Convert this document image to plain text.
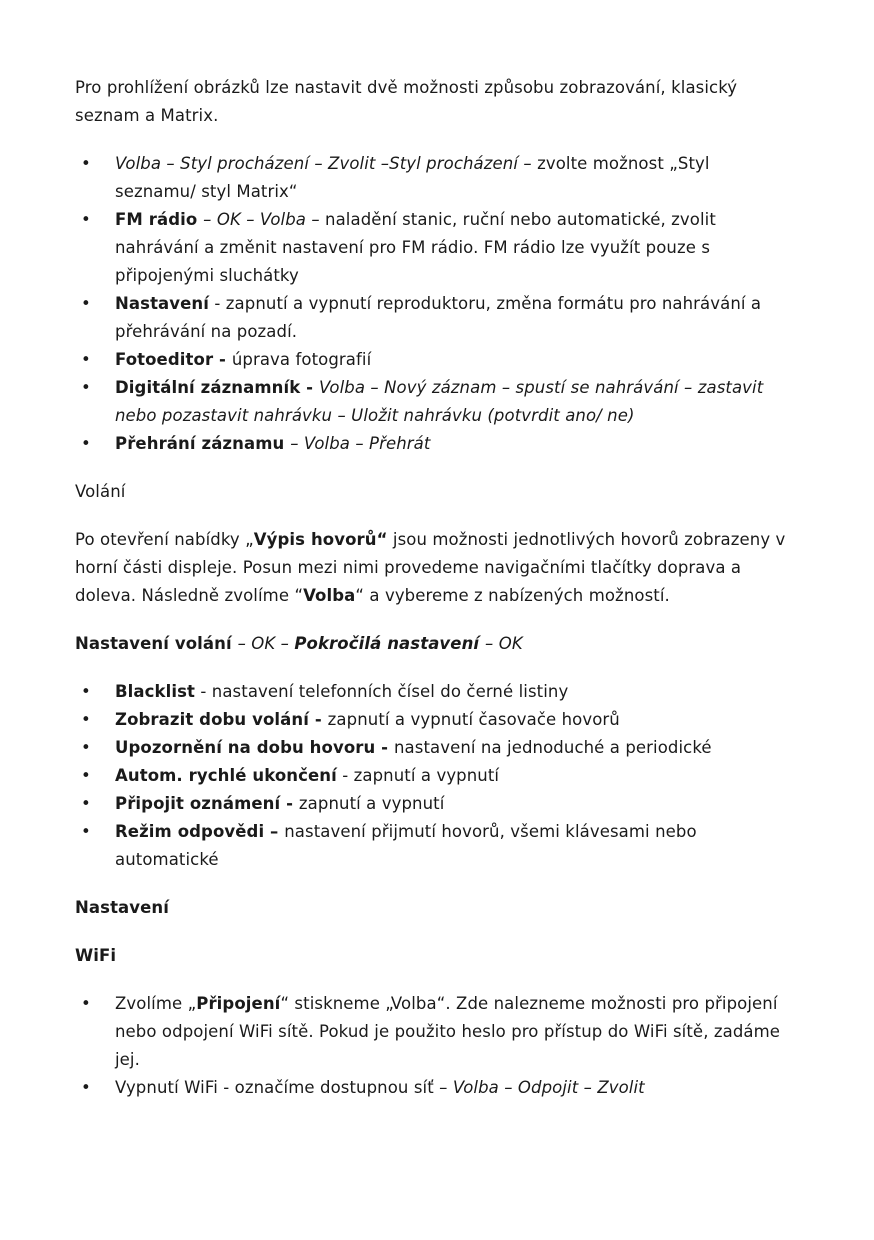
Pro prohlížení obrázků lze nastavit dvě možnosti způsobu zobrazování, klasický seznam a Matrix.

• Volba – Styl procházení – Zvolit –Styl procházení – zvolte možnost „Styl seznamu/ styl Matrix“
• FM rádio – OK – Volba – naladění stanic, ruční nebo automatické, zvolit nahrávání a změnit nastavení pro FM rádio. FM rádio lze využít pouze s připojenými sluchátky
• Nastavení - zapnutí a vypnutí reproduktoru, změna formátu pro nahrávání a přehrávání na pozadí.
• Fotoeditor - úprava fotografií
• Digitální záznamník - Volba – Nový záznam – spustí se nahrávání – zastavit nebo pozastavit nahrávku – Uložit nahrávku (potvrdit ano/ ne)
• Přehrání záznamu – Volba – Přehrát

Volání

Po otevření nabídky „Výpis hovorů“ jsou možnosti jednotlivých hovorů zobrazeny v horní části displeje. Posun mezi nimi provedeme navigačními tlačítky doprava a doleva. Následně zvolíme “Volba“ a vybereme z nabízených možností.

Nastavení volání – OK – Pokročilá nastavení – OK

• Blacklist - nastavení telefonních čísel do černé listiny
• Zobrazit dobu volání - zapnutí a vypnutí časovače hovorů
• Upozornění na dobu hovoru - nastavení na jednoduché a periodické
• Autom. rychlé ukončení - zapnutí a vypnutí
• Připojit oznámení - zapnutí a vypnutí
• Režim odpovědi – nastavení přijmutí hovorů, všemi klávesami nebo automatické

Nastavení

WiFi

• Zvolíme „Připojení“ stiskneme „Volba“. Zde nalezneme možnosti pro připojení nebo odpojení WiFi sítě. Pokud je použito heslo pro přístup do WiFi sítě, zadáme jej.
• Vypnutí WiFi - označíme dostupnou síť – Volba – Odpojit – Zvolit
